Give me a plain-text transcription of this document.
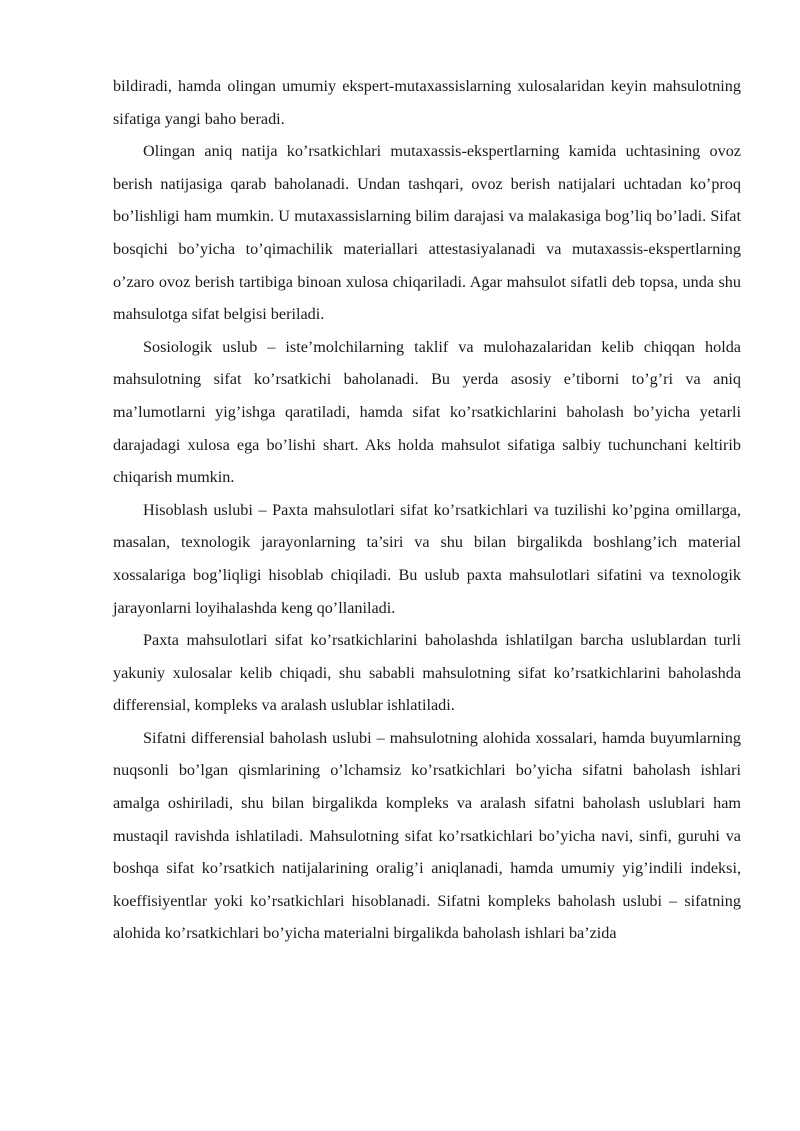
bildiradi, hamda olingan umumiy ekspert-mutaxassislarning xulosalaridan keyin mahsulotning sifatiga yangi baho beradi.

Olingan aniq natija ko’rsatkichlari mutaxassis-ekspertlarning kamida uchtasining ovoz berish natijasiga qarab baholanadi. Undan tashqari, ovoz berish natijalari uchtadan ko’proq bo’lishligi ham mumkin. U mutaxassislarning bilim darajasi va malakasiga bog’liq bo’ladi. Sifat bosqichi bo’yicha to’qimachilik materiallari attestasiyalanadi va mutaxassis-ekspertlarning o’zaro ovoz berish tartibiga binoan xulosa chiqariladi. Agar mahsulot sifatli deb topsa, unda shu mahsulotga sifat belgisi beriladi.

Sosiologik uslub – iste’molchilarning taklif va mulohazalaridan kelib chiqqan holda mahsulotning sifat ko’rsatkichi baholanadi. Bu yerda asosiy e’tiborni to’g’ri va aniq ma’lumotlarni yig’ishga qaratiladi, hamda sifat ko’rsatkichlarini baholash bo’yicha yetarli darajadagi xulosa ega bo’lishi shart. Aks holda mahsulot sifatiga salbiy tuchunchani keltirib chiqarish mumkin.

Hisoblash uslubi – Paxta mahsulotlari sifat ko’rsatkichlari va tuzilishi ko’pgina omillarga, masalan, texnologik jarayonlarning ta’siri va shu bilan birgalikda boshlang’ich material xossalariga bog’liqligi hisoblab chiqiladi. Bu uslub paxta mahsulotlari sifatini va texnologik jarayonlarni loyihalashda keng qo’llaniladi.

Paxta mahsulotlari sifat ko’rsatkichlarini baholashda ishlatilgan barcha uslublardan turli yakuniy xulosalar kelib chiqadi, shu sababli mahsulotning sifat ko’rsatkichlarini baholashda differensial, kompleks va aralash uslublar ishlatiladi.

Sifatni differensial baholash uslubi – mahsulotning alohida xossalari, hamda buyumlarning nuqsonli bo’lgan qismlarining o’lchamsiz ko’rsatkichlari bo’yicha sifatni baholash ishlari amalga oshiriladi, shu bilan birgalikda kompleks va aralash sifatni baholash uslublari ham mustaqil ravishda ishlatiladi. Mahsulotning sifat ko’rsatkichlari bo’yicha navi, sinfi, guruhi va boshqa sifat ko’rsatkich natijalarining oralig’i aniqlanadi, hamda umumiy yig’indili indeksi, koeffisiyentlar yoki ko’rsatkichlari hisoblanadi. Sifatni kompleks baholash uslubi – sifatning alohida ko’rsatkichlari bo’yicha materialni birgalikda baholash ishlari ba’zida
